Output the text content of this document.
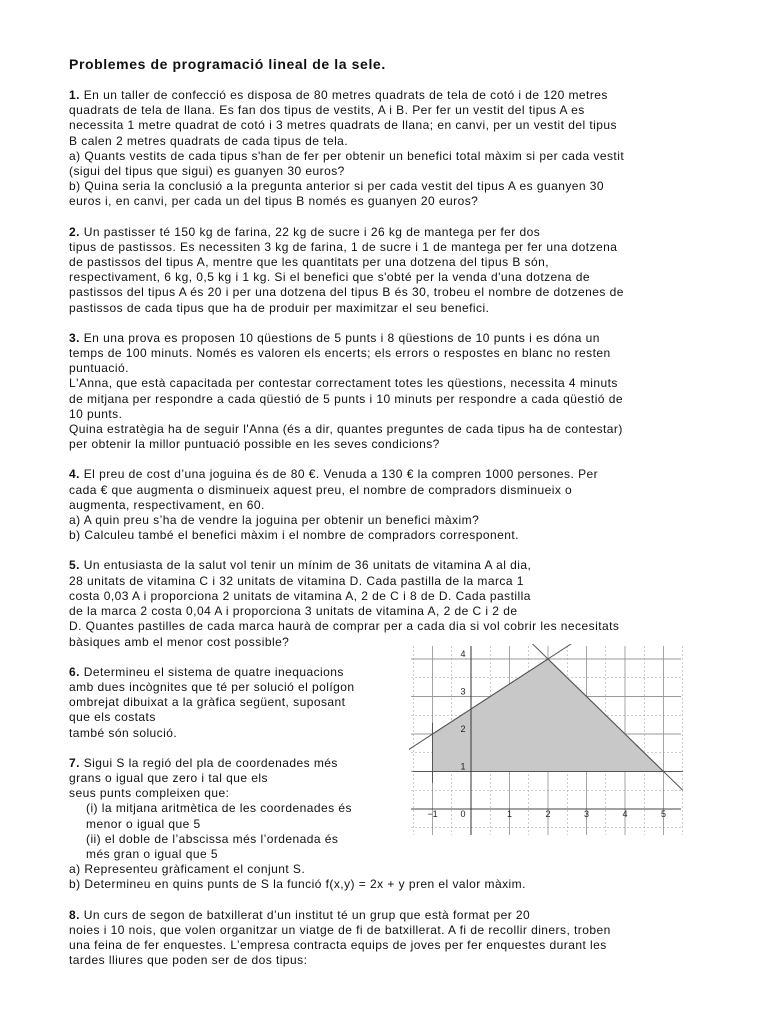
Problemes de programació lineal de la sele.
1. En un taller de confecció es disposa de 80 metres quadrats de tela de cotó i de 120 metres
quadrats de tela de llana. Es fan dos tipus de vestits, A i B. Per fer un vestit del tipus A es
necessita 1 metre quadrat de cotó i 3 metres quadrats de llana; en canvi, per un vestit del tipus
B calen 2 metres quadrats de cada tipus de tela.
a) Quants vestits de cada tipus s'han de fer per obtenir un benefici total màxim si per cada vestit
(sigui del tipus que sigui) es guanyen 30 euros?
b) Quina seria la conclusió a la pregunta anterior si per cada vestit del tipus A es guanyen 30
euros i, en canvi, per cada un del tipus B només es guanyen 20 euros?
2. Un pastisser té 150 kg de farina, 22 kg de sucre i 26 kg de mantega per fer dos
tipus de pastissos. Es necessiten 3 kg de farina, 1 de sucre i 1 de mantega per fer una dotzena
de pastissos del tipus A, mentre que les quantitats per una dotzena del tipus B són,
respectivament, 6 kg, 0,5 kg i 1 kg. Si el benefici que s'obté per la venda d'una dotzena de
pastissos del tipus A és 20 i per una dotzena del tipus B és 30, trobeu el nombre de dotzenes de
pastissos de cada tipus que ha de produir per maximitzar el seu benefici.
3. En una prova es proposen 10 qüestions de 5 punts i 8 qüestions de 10 punts i es dóna un
temps de 100 minuts. Només es valoren els encerts; els errors o respostes en blanc no resten
puntuació.
L'Anna, que està capacitada per contestar correctament totes les qüestions, necessita 4 minuts
de mitjana per respondre a cada qüestió de 5 punts i 10 minuts per respondre a cada qüestió de
10 punts.
Quina estratègia ha de seguir l'Anna (és a dir, quantes preguntes de cada tipus ha de contestar)
per obtenir la millor puntuació possible en les seves condicions?
4. El preu de cost d’una joguina és de 80 €. Venuda a 130 € la compren 1000 persones. Per
cada € que augmenta o disminueix aquest preu, el nombre de compradors disminueix o
augmenta, respectivament, en 60.
a) A quin preu s’ha de vendre la joguina per obtenir un benefici màxim?
b) Calculeu també el benefici màxim i el nombre de compradors corresponent.
5. Un entusiasta de la salut vol tenir un mínim de 36 unitats de vitamina A al dia,
28 unitats de vitamina C i 32 unitats de vitamina D. Cada pastilla de la marca 1
costa 0,03 A i proporciona 2 unitats de vitamina A, 2 de C i 8 de D. Cada pastilla
de la marca 2 costa 0,04 A i proporciona 3 unitats de vitamina A, 2 de C i 2 de
D. Quantes pastilles de cada marca haurà de comprar per a cada dia si vol cobrir les necesitats
bàsiques amb el menor cost possible?
6. Determineu el sistema de quatre inequacions
amb dues incògnites que té per solució el polígon
ombrejat dibuixat a la gràfica següent, suposant
que els costats
també són solució.
7. Sigui S la regió del pla de coordenades més
grans o igual que zero i tal que els
seus punts compleixen que:
(i) la mitjana aritmètica de les coordenades és
menor o igual que 5
(ii) el doble de l’abscissa més l’ordenada és
més gran o igual que 5
a) Representeu gràficament el conjunt S.
b) Determineu en quins punts de S la funció f(x,y) = 2x + y pren el valor màxim.
8. Un curs de segon de batxillerat d’un institut té un grup que està format per 20
noies i 10 nois, que volen organitzar un viatge de fi de batxillerat. A fi de recollir diners, troben
una feina de fer enquestes. L’empresa contracta equips de joves per fer enquestes durant les
tardes lliures que poden ser de dos tipus:
−1	0	1	2	3	4	5
1
2
3
4
